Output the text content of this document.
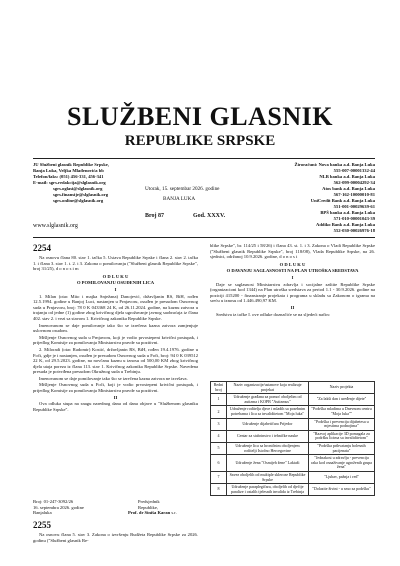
SLUŽBENI GLASNIK
REPUBLIKE SRPSKE
JU Službeni glasnik Republike Srpske,
Banja Luka, Veljka Mlađenovića bb
Telefon/faks: (051) 456-331, 456-341
E-mail: sgrs.redakcija@slglasnik.org
sgrs.oglasi@slglasnik.org
sgrs.finansije@slglasnik.org
sgrs.online@slglasnik.org
www.slglasnik.org
Utorak, 15. septembar 2026. godine
BANJA LUKA
Broj 87	God. XXXV.
Žiroračuni: Nova banka a.d. Banja Luka
555-007-00001332-44
NLB banka a.d. Banja Luka
562-099-00004292-34
Atos bank a.d. Banja Luka
567-162-10000010-81
UniCredit Bank a.d. Banja Luka
551-001-00029639-61
BPŠ banka a.d. Banja Luka
571-010-00001043-39
Addiko Bank a.d. Banja Luka
552-030-00026976-18
2254

Na osnovu člana 80. stav 1. tačka 5. Ustava Republike Srpske i člana 2. stav 2. tačka 1. i člana 3. stav 1. t. 2. i 3. Zakona o pomilovanju ("Službeni glasnik Republike Srpske", broj 31/25), d o n o s i m

O D L U K U

O POMILOVANJU OSUĐENIH LICA

I

1. Milan (otac Mito i majka Snježana) Danojević, državljanin RS, BiH, rođen 12.5.1994. godine u Banjoj Luci, nastanjen u Prnjavoru, osuđen je presudom Osnovnog suda u Prnjavoru, broj: 78 0 K 043368 24 K, od 26.11.2024. godine, na kaznu zatvora u trajanju od jedne (1) godine zbog krivičnog djela ugrožavanje javnog saobraćaja iz člana 402. stav 2. i vezi sa stavom 1. Krivičnog zakonika Republike Srpske.

Imenovanom se daje pomilovanje tako što se izrečena kazna zatvora zamjenjuje uslovnom osudom.

Mišljenje Osnovnog suda u Prnjavoru, koji je vodio prvostepeni krivični postupak, i prijedlog Komisije za pomilovanja Ministarstva pravde su pozitivni.

2. Miloradi (otac Radomir) Kostić, državljanin RS, BiH, rođen 19.4.1976. godine u Foči, gdje je i nastanjen, osuđen je presudom Osnovnog suda u Foči, broj: 94 0 K 039512 22 K, od 29.5.2023. godine, na novčanu kaznu u iznosu od 500,00 KM zbog krivičnog djela utaja poreza iz člana 113. stav 1. Krivičnog zakonika Republike Srpske. Navedena presuda je potvrđena presudom Okružnog suda u Trebinju.

Imenovanom se daje pomilovanje tako što se izrečena kazna zatvora ne izvršava.

Mišljenje Osnovnog suda u Foči, koji je vodio prvostepeni krivični postupak, i prijedlog Komisije za pomilovanja Ministarstva pravde su pozitivni.

II

Ova odluka stupa na snagu narednog dana od dana objave u "Službenom glasniku Republike Srpske".

Broj: 01-247-3092/26
16. septembra 2026. godine
Banjaluka
Predsjednik
Republike,
Prof. dr Siniša Karan s.r.
2255

Na osnovu člana 5. stav 3. Zakona o izvršenju Budžeta Republike Srpske za 2026. godinu ("Službeni glasnik Re-

blike Srpske", br. 114/25 i 58/26) i člana 43. st. 1. i 3. Zakona o Vladi Republike Srpske ("Službeni glasnik Republike Srpske", broj 118/08), Vlada Republike Srpske, na 26. sjednici, održanoj 10.9.2026. godine, d o n o s i

O D L U K U

O DAVANJU SAGLASNOSTI NA PLAN UTROŠKA SREDSTAVA

I

Daje se saglasnost Ministarstvu zdravlja i socijalne zaštite Republike Srpske (organizacioni kod 1344) na Plan utroška sredstava za period 1.1 - 30.9.2026. godine na poziciji 415200 - finansiranje projekata i programa u skladu sa Zakonom o igrama na sreću u iznosu od 1.446.490,97 KM.

II

Sredstva iz tačke I. ove odluke doznačiće se na sljedeći način:

Redni broj	Naziv organizacije/ustanove koja realizuje projekat	Naziv projekta
1	Udruženje građana za pomoć oboljelim od autizma i KOPB "Autizmus"	"Za lakši dan i uređenje dijete"
2	Udruženje roditelja djece i mladih sa posebnim potrebama i lica sa invaliditetom "Moja luka"	"Podrška mladima u Dnevnom centru "Moja luka""
3	Udruženje dijabetičara Prijedor	"Podrška i prevencija dijabetesa u mjestima podnojima"
4	Centar za stabrinstvo i tehničke nauke	"Razvoj aplikacije 3D pomagala za podršku licima sa invaliditetom"
5	Udruženje lica sa hroničnim oboljenjem roditelji Istočno Hercegovine	"Podrška prihvatanju bolesnih pacijenata"
6	Udruženje žena "Osmijeh žene" Laktaši	"Jednakost u zdravlju - prevencija raka kod osnaživanje ugroženih grupa žena"
7	Savez oboljelih od multiple skleroze Republike Srpske	"Ljubav, pažnja i red"
8	Udruženje paraplegičara, oboljelih od dječije paralize i ostalih tjelesnih invalida iz Trebinja	"Dolazite živini - u smo za podršku"
